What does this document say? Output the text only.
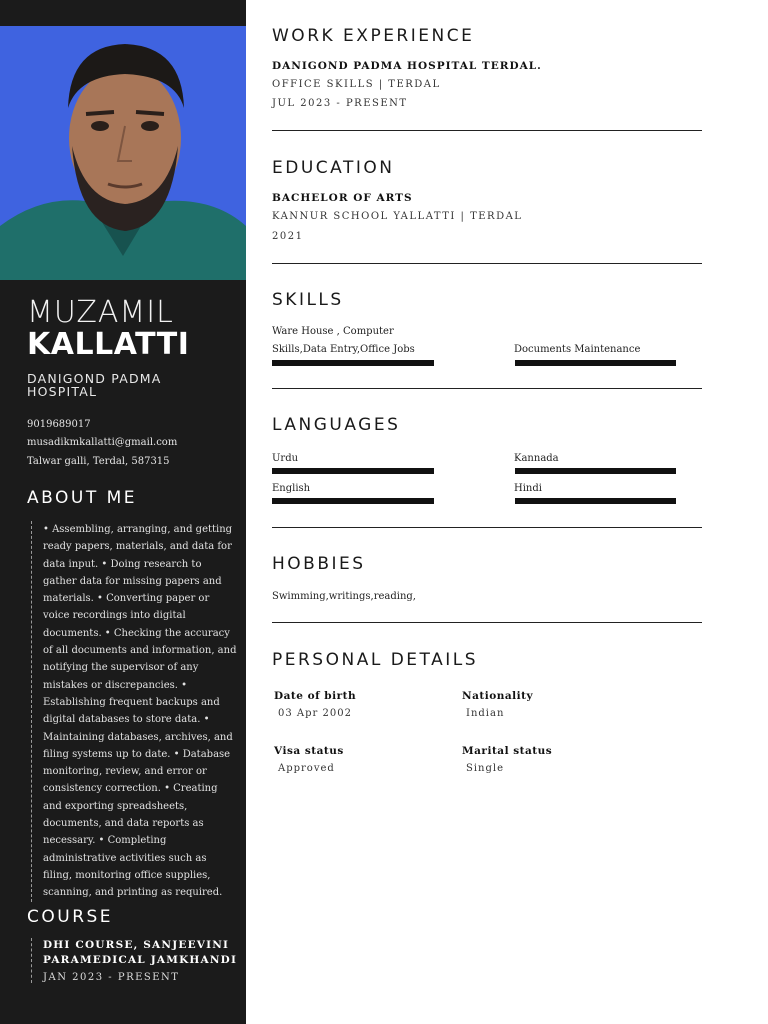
MUZAMIL
KALLATTI
DANIGOND PADMA HOSPITAL
9019689017
musadikmkallatti@gmail.com
Talwar galli, Terdal, 587315
ABOUT ME
• Assembling, arranging, and getting ready papers, materials, and data for data input. • Doing research to gather data for missing papers and materials. • Converting paper or voice recordings into digital documents. • Checking the accuracy of all documents and information, and notifying the supervisor of any mistakes or discrepancies. • Establishing frequent backups and digital databases to store data. • Maintaining databases, archives, and filing systems up to date. • Database monitoring, review, and error or consistency correction. • Creating and exporting spreadsheets, documents, and data reports as necessary. • Completing administrative activities such as filing, monitoring office supplies, scanning, and printing as required.
COURSE
DHI COURSE, SANJEEVINI PARAMEDICAL JAMKHANDI
JAN 2023 - PRESENT
WORK EXPERIENCE
DANIGOND PADMA HOSPITAL TERDAL.
OFFICE SKILLS | TERDAL
JUL 2023 - PRESENT
EDUCATION
BACHELOR OF ARTS
KANNUR SCHOOL YALLATTI | TERDAL
2021
SKILLS
Ware House , Computer Skills,Data Entry,Office Jobs	Documents Maintenance
LANGUAGES
Urdu	Kannada
English	Hindi
HOBBIES
Swimming,writings,reading,
PERSONAL DETAILS
Date of birth
03 Apr 2002
Nationality
Indian
Visa status
Approved
Marital status
Single
